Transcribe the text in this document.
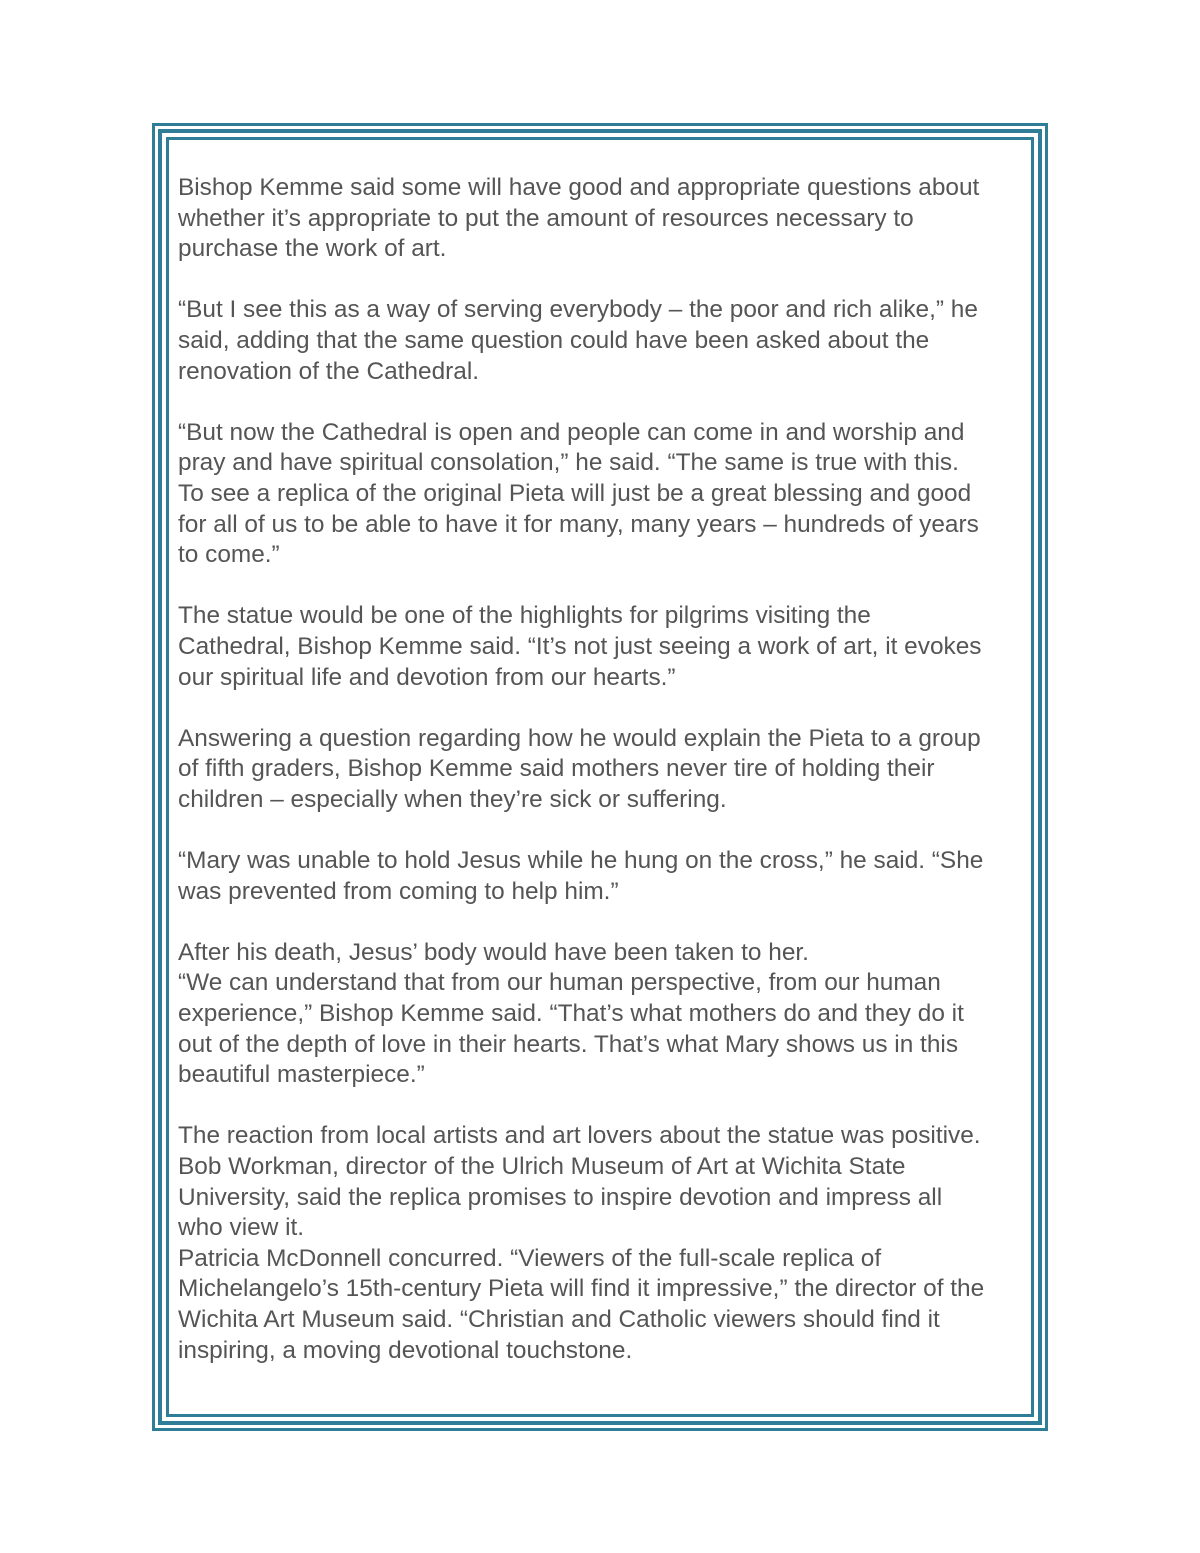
Bishop Kemme said some will have good and appropriate questions about
whether it’s appropriate to put the amount of resources necessary to
purchase the work of art.

“But I see this as a way of serving everybody – the poor and rich alike,” he
said, adding that the same question could have been asked about the
renovation of the Cathedral.

“But now the Cathedral is open and people can come in and worship and
pray and have spiritual consolation,” he said. “The same is true with this.
To see a replica of the original Pieta will just be a great blessing and good
for all of us to be able to have it for many, many years – hundreds of years
to come.”

The statue would be one of the highlights for pilgrims visiting the
Cathedral, Bishop Kemme said. “It’s not just seeing a work of art, it evokes
our spiritual life and devotion from our hearts.”

Answering a question regarding how he would explain the Pieta to a group
of fifth graders, Bishop Kemme said mothers never tire of holding their
children – especially when they’re sick or suffering.

“Mary was unable to hold Jesus while he hung on the cross,” he said. “She
was prevented from coming to help him.”

After his death, Jesus’ body would have been taken to her.

“We can understand that from our human perspective, from our human
experience,” Bishop Kemme said. “That’s what mothers do and they do it
out of the depth of love in their hearts. That’s what Mary shows us in this
beautiful masterpiece.”

The reaction from local artists and art lovers about the statue was positive.

Bob Workman, director of the Ulrich Museum of Art at Wichita State
University, said the replica promises to inspire devotion and impress all
who view it.

Patricia McDonnell concurred. “Viewers of the full-scale replica of
Michelangelo’s 15th-century Pieta will find it impressive,” the director of the
Wichita Art Museum said. “Christian and Catholic viewers should find it
inspiring, a moving devotional touchstone.
